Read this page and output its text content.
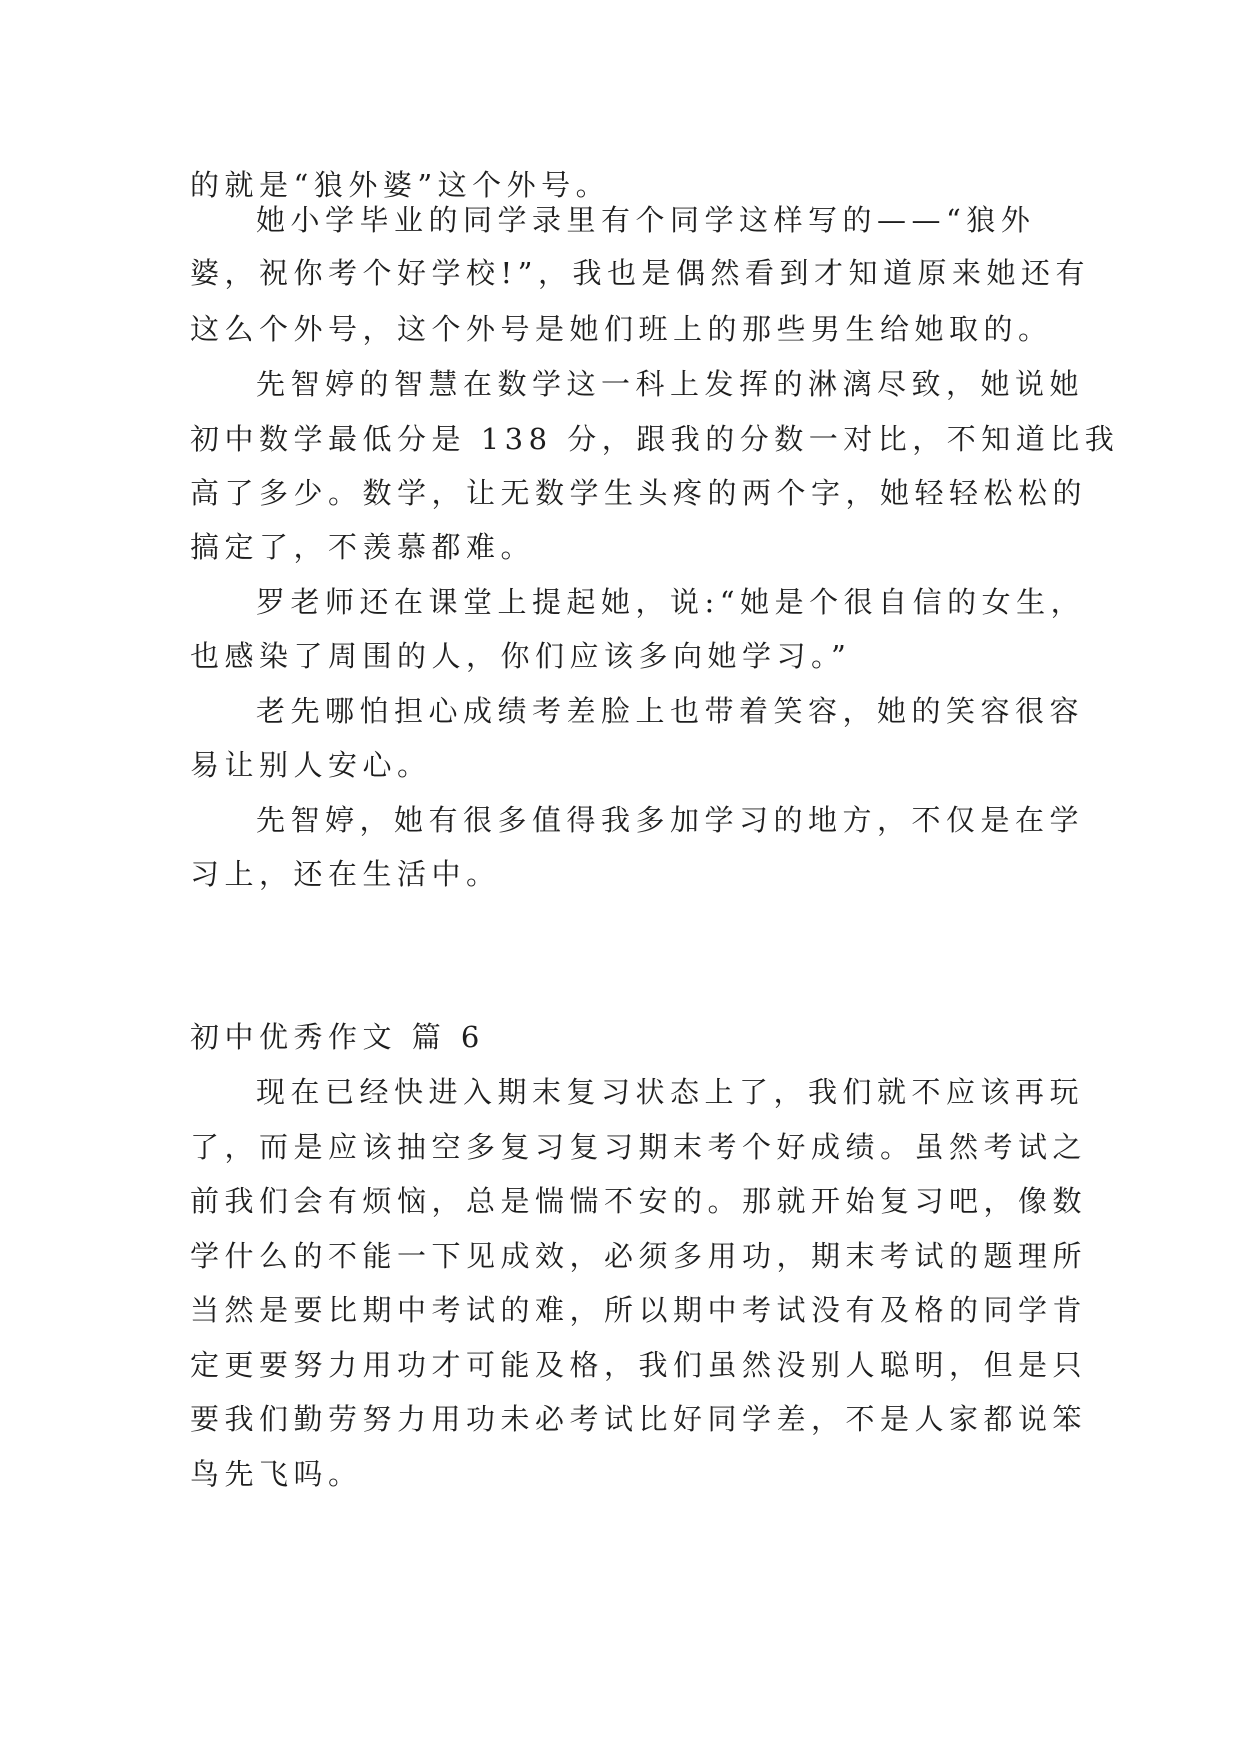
的就是“狼外婆”这个外号。
她小学毕业的同学录里有个同学这样写的——“狼外
婆，祝你考个好学校!”，我也是偶然看到才知道原来她还有
这么个外号，这个外号是她们班上的那些男生给她取的。
先智婷的智慧在数学这一科上发挥的淋漓尽致，她说她
初中数学最低分是 138 分，跟我的分数一对比，不知道比我
高了多少。数学，让无数学生头疼的两个字，她轻轻松松的
搞定了，不羡慕都难。
罗老师还在课堂上提起她，说:“她是个很自信的女生，
也感染了周围的人，你们应该多向她学习。”
老先哪怕担心成绩考差脸上也带着笑容，她的笑容很容
易让别人安心。
先智婷，她有很多值得我多加学习的地方，不仅是在学
习上，还在生活中。
初中优秀作文 篇 6
现在已经快进入期末复习状态上了，我们就不应该再玩
了，而是应该抽空多复习复习期末考个好成绩。虽然考试之
前我们会有烦恼，总是惴惴不安的。那就开始复习吧，像数
学什么的不能一下见成效，必须多用功，期末考试的题理所
当然是要比期中考试的难，所以期中考试没有及格的同学肯
定更要努力用功才可能及格，我们虽然没别人聪明，但是只
要我们勤劳努力用功未必考试比好同学差，不是人家都说笨
鸟先飞吗。
